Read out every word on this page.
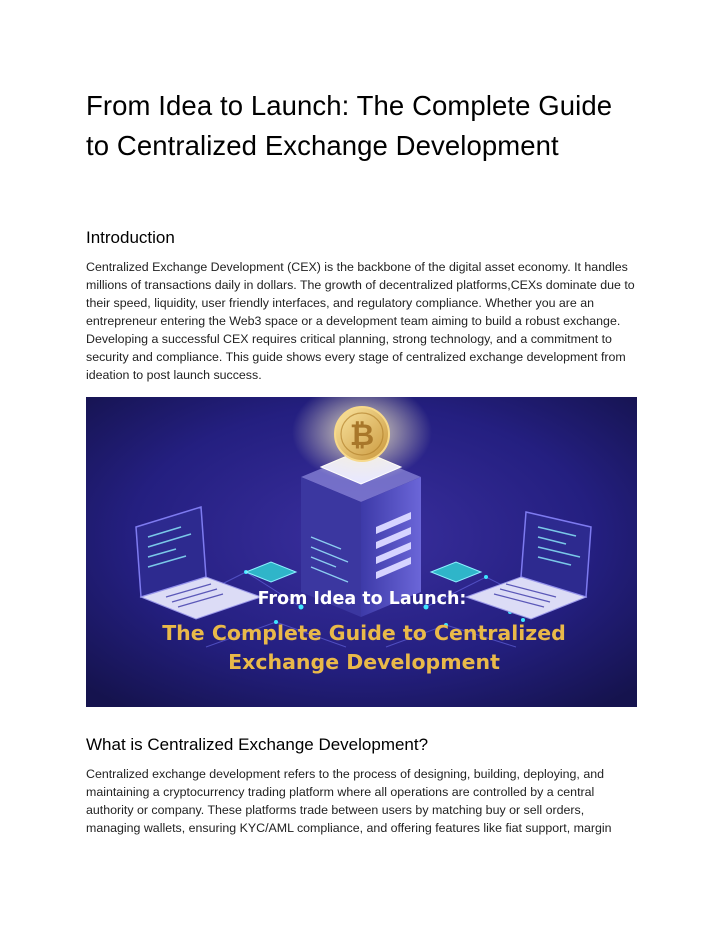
From Idea to Launch: The Complete Guide to Centralized Exchange Development
Introduction

Centralized Exchange Development (CEX) is the backbone of the digital asset economy. It handles millions of transactions daily in dollars. The growth of decentralized platforms,CEXs dominate due to their speed, liquidity, user friendly interfaces, and regulatory compliance. Whether you are an entrepreneur entering the Web3 space or a development team aiming to build a robust exchange. Developing a successful CEX requires critical planning, strong technology, and a commitment to security and compliance. This guide shows every stage of centralized exchange development from ideation to post launch success.

₿
From Idea to Launch:
The Complete Guide to Centralized
Exchange Development
What is Centralized Exchange Development?

Centralized exchange development refers to the process of designing, building, deploying, and maintaining a cryptocurrency trading platform where all operations are controlled by a central authority or company. These platforms trade between users by matching buy or sell orders, managing wallets, ensuring KYC/AML compliance, and offering features like fiat support, margin
